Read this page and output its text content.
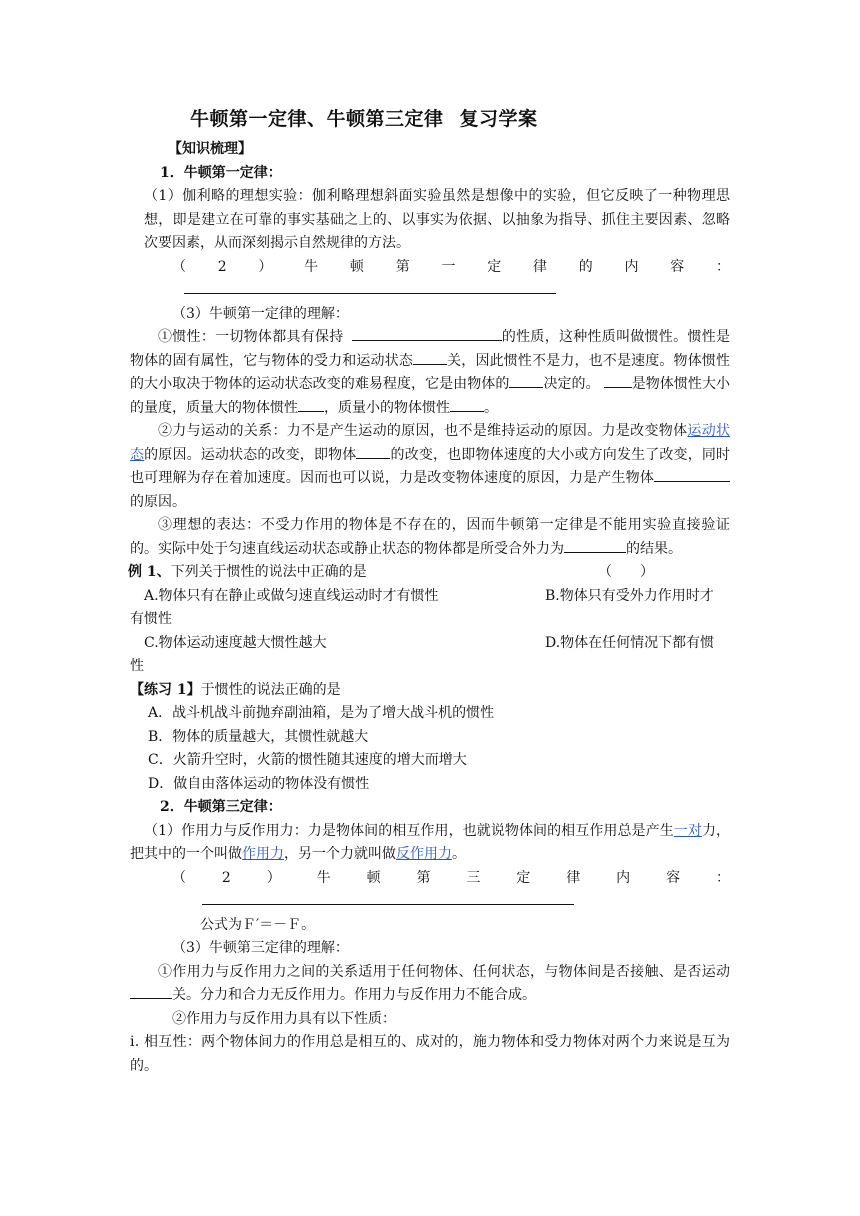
牛顿第一定律、牛顿第三定律 复习学案

【知识梳理】

1．牛顿第一定律：

（1）伽利略的理想实验：伽利略理想斜面实验虽然是想像中的实验，但它反映了一种物理思想，即是建立在可靠的事实基础之上的、以事实为依据、以抽象为指导、抓住主要因素、忽略次要因素，从而深刻揭示自然规律的方法。

（2）牛顿第一定律的内容：

（3）牛顿第一定律的理解：

①惯性：一切物体都具有保持	的性质，这种性质叫做惯性。惯性是物体的固有属性，它与物体的受力和运动状态 关，因此惯性不是力，也不是速度。物体惯性的大小取决于物体的运动状态改变的难易程度，它是由物体的 决定的。 是物体惯性大小的量度，质量大的物体惯性 ，质量小的物体惯性 。

②力与运动的关系：力不是产生运动的原因，也不是维持运动的原因。力是改变物体运动状态的原因。运动状态的改变，即物体 的改变，也即物体速度的大小或方向发生了改变，同时也可理解为存在着加速度。因而也可以说，力是改变物体速度的原因，力是产生物体的原因。

③理想的表达：不受力作用的物体是不存在的，因而牛顿第一定律是不能用实验直接验证的。实际中处于匀速直线运动状态或静止状态的物体都是所受合外力为	的结果。

例 1、下列关于惯性的说法中正确的是	（　　）
A.物体只有在静止或做匀速直线运动时才有惯性	B.物体只有受外力作用时才
有惯性
C.物体运动速度越大惯性越大	D.物体在任何情况下都有惯
性
【练习 1】于惯性的说法正确的是
A．战斗机战斗前抛弃副油箱，是为了增大战斗机的惯性
B．物体的质量越大，其惯性就越大
C．火箭升空时，火箭的惯性随其速度的增大而增大
D．做自由落体运动的物体没有惯性

2．牛顿第三定律：

（1）作用力与反作用力：力是物体间的相互作用，也就说物体间的相互作用总是产生一对力，把其中的一个叫做作用力，另一个力就叫做反作用力。

（2）牛顿第三定律内容：

公式为Ｆ′＝－Ｆ。

（3）牛顿第三定律的理解：

①作用力与反作用力之间的关系适用于任何物体、任何状态，与物体间是否接触、是否运动关。分力和合力无反作用力。作用力与反作用力不能合成。

②作用力与反作用力具有以下性质：

ⅰ. 相互性：两个物体间力的作用总是相互的、成对的，施力物体和受力物体对两个力来说是互为的。
